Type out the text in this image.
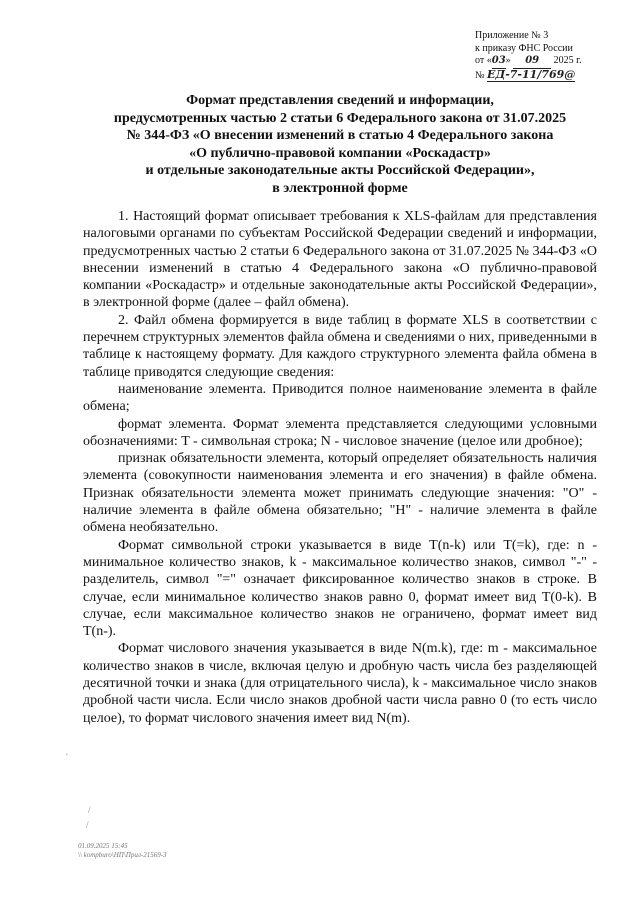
Приложение № 3
к приказу ФНС России
от «03» 09 2025 г.
№ ЕД-7-11/769@
Формат представления сведений и информации,
предусмотренных частью 2 статьи 6 Федерального закона от 31.07.2025
№ 344-ФЗ «О внесении изменений в статью 4 Федерального закона
«О публично-правовой компании «Роскадастр»
и отдельные законодательные акты Российской Федерации»,
в электронной форме

1. Настоящий формат описывает требования к XLS-файлам для представления налоговыми органами по субъектам Российской Федерации сведений и информации, предусмотренных частью 2 статьи 6 Федерального закона от 31.07.2025 № 344-ФЗ «О внесении изменений в статью 4 Федерального закона «О публично-правовой компании «Роскадастр» и отдельные законодательные акты Российской Федерации», в электронной форме (далее – файл обмена).

2. Файл обмена формируется в виде таблиц в формате XLS в соответствии с перечнем структурных элементов файла обмена и сведениями о них, приведенными в таблице к настоящему формату. Для каждого структурного элемента файла обмена в таблице приводятся следующие сведения:

наименование элемента. Приводится полное наименование элемента в файле обмена;

формат элемента. Формат элемента представляется следующими условными обозначениями: T - символьная строка; N - числовое значение (целое или дробное);

признак обязательности элемента, который определяет обязательность наличия элемента (совокупности наименования элемента и его значения) в файле обмена. Признак обязательности элемента может принимать следующие значения: "О" - наличие элемента в файле обмена обязательно; "Н" - наличие элемента в файле обмена необязательно.

Формат символьной строки указывается в виде T(n-k) или T(=k), где: n - минимальное количество знаков, k - максимальное количество знаков, символ "-" - разделитель, символ "=" означает фиксированное количество знаков в строке. В случае, если минимальное количество знаков равно 0, формат имеет вид T(0-k). В случае, если максимальное количество знаков не ограничено, формат имеет вид T(n-).

Формат числового значения указывается в виде N(m.k), где: m - максимальное количество знаков в числе, включая целую и дробную часть числа без разделяющей десятичной точки и знака (для отрицательного числа), k - максимальное число знаков дробной части числа. Если число знаков дробной части числа равно 0 (то есть число целое), то формат числового значения имеет вид N(m).

′
/
/
01.09.2025 15:45
\\ kompburo\НП\Прил-21569-3
